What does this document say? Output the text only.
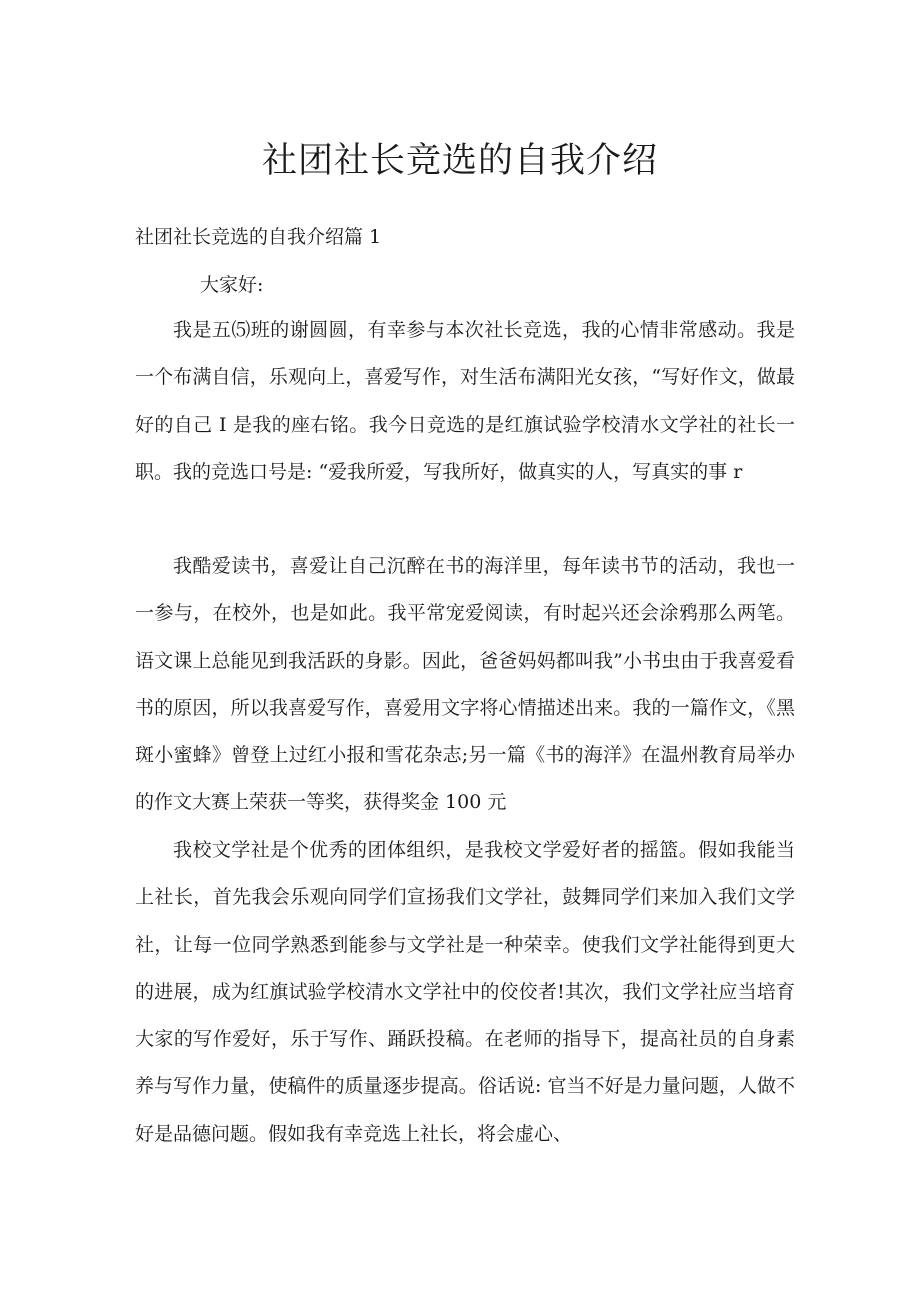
社团社长竞选的自我介绍
社团社长竞选的自我介绍篇 1

大家好:

我是五⑸班的谢圆圆，有幸参与本次社长竞选，我的心情非常感动。我是一个布满自信，乐观向上，喜爱写作，对生活布满阳光女孩，“写好作文，做最好的自己 I 是我的座右铭。我今日竞选的是红旗试验学校清水文学社的社长一职。我的竞选口号是: “爱我所爱，写我所好，做真实的人，写真实的事 r

我酷爱读书，喜爱让自己沉醉在书的海洋里，每年读书节的活动，我也一一参与，在校外，也是如此。我平常宠爱阅读，有时起兴还会涂鸦那么两笔。语文课上总能见到我活跃的身影。因此，爸爸妈妈都叫我”小书虫由于我喜爱看书的原因，所以我喜爱写作，喜爱用文字将心情描述出来。我的一篇作文，《黑斑小蜜蜂》曾登上过红小报和雪花杂志;另一篇《书的海洋》在温州教育局举办的作文大赛上荣获一等奖，获得奖金 100 元

我校文学社是个优秀的团体组织，是我校文学爱好者的摇篮。假如我能当上社长，首先我会乐观向同学们宣扬我们文学社，鼓舞同学们来加入我们文学社，让每一位同学熟悉到能参与文学社是一种荣幸。使我们文学社能得到更大的进展，成为红旗试验学校清水文学社中的佼佼者!其次，我们文学社应当培育大家的写作爱好，乐于写作、踊跃投稿。在老师的指导下，提高社员的自身素养与写作力量，使稿件的质量逐步提高。俗话说: 官当不好是力量问题，人做不好是品德问题。假如我有幸竞选上社长，将会虚心、
